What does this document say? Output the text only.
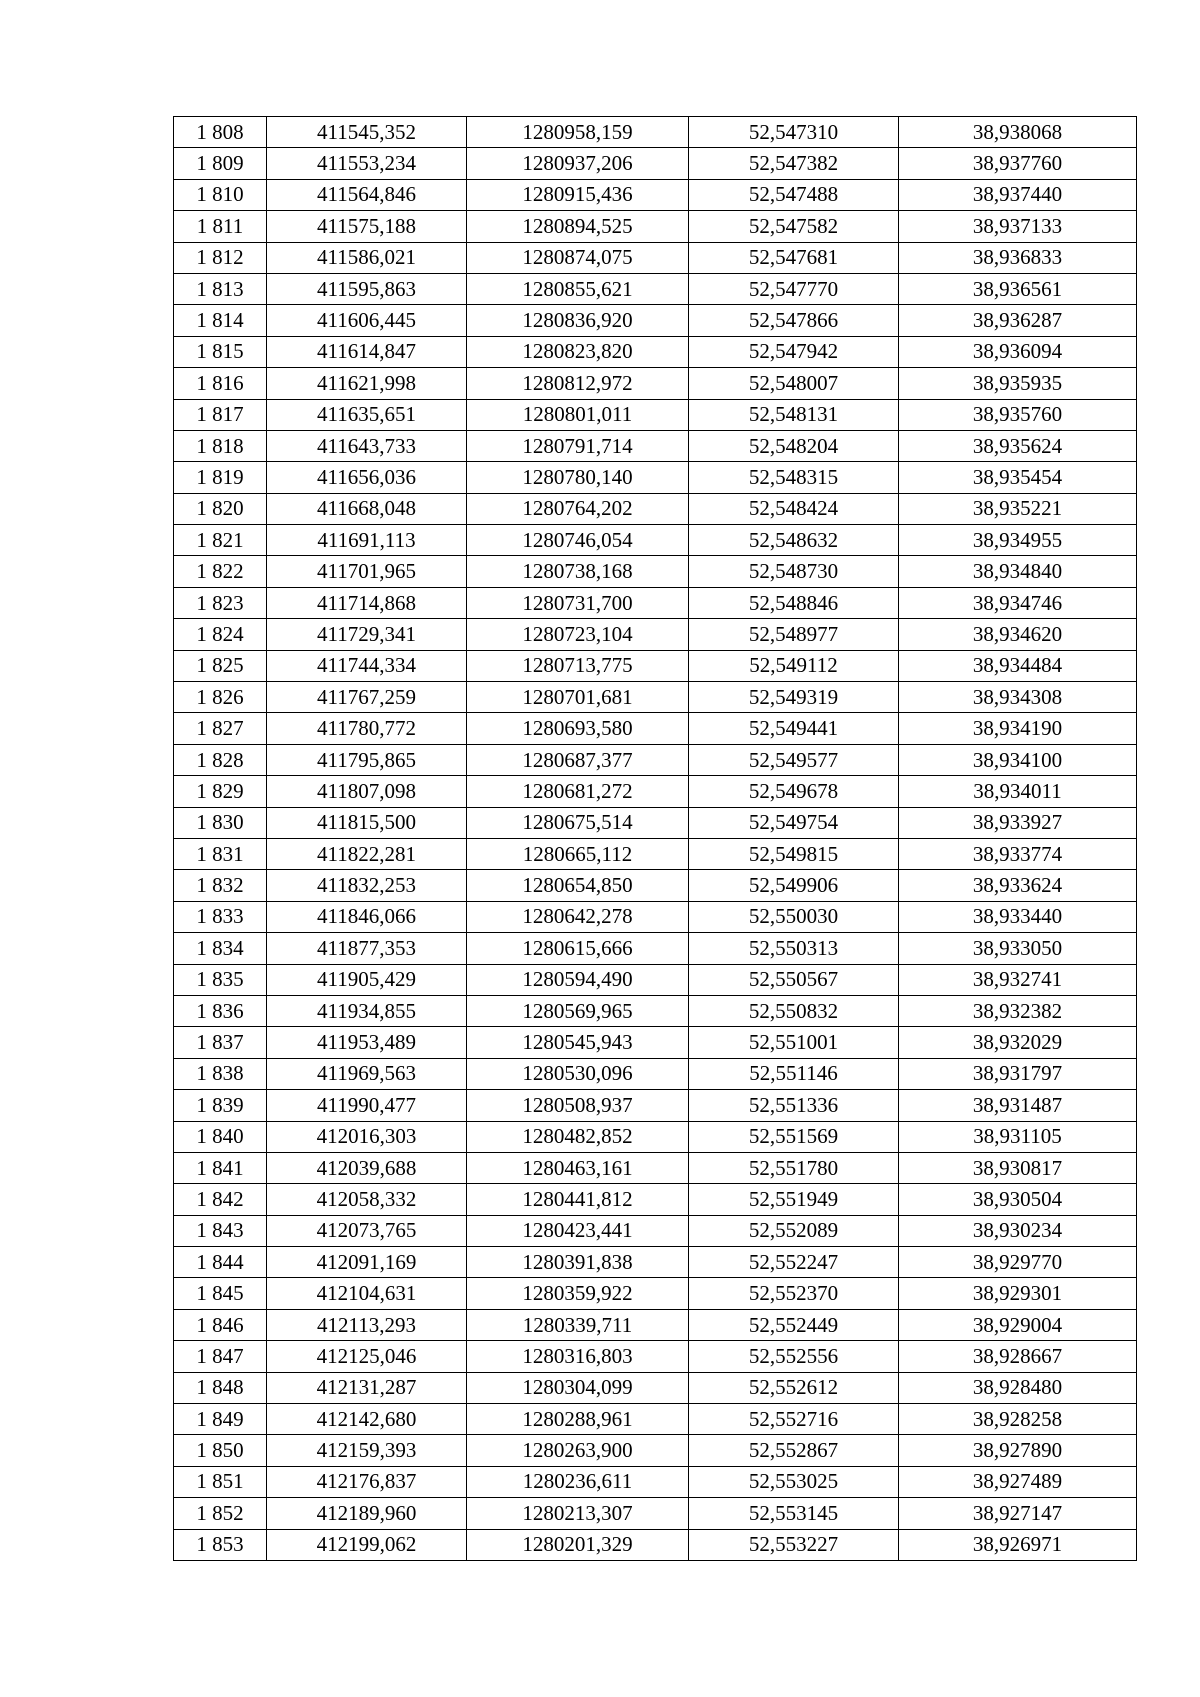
1 808	411545,352	1280958,159	52,547310	38,938068
1 809	411553,234	1280937,206	52,547382	38,937760
1 810	411564,846	1280915,436	52,547488	38,937440
1 811	411575,188	1280894,525	52,547582	38,937133
1 812	411586,021	1280874,075	52,547681	38,936833
1 813	411595,863	1280855,621	52,547770	38,936561
1 814	411606,445	1280836,920	52,547866	38,936287
1 815	411614,847	1280823,820	52,547942	38,936094
1 816	411621,998	1280812,972	52,548007	38,935935
1 817	411635,651	1280801,011	52,548131	38,935760
1 818	411643,733	1280791,714	52,548204	38,935624
1 819	411656,036	1280780,140	52,548315	38,935454
1 820	411668,048	1280764,202	52,548424	38,935221
1 821	411691,113	1280746,054	52,548632	38,934955
1 822	411701,965	1280738,168	52,548730	38,934840
1 823	411714,868	1280731,700	52,548846	38,934746
1 824	411729,341	1280723,104	52,548977	38,934620
1 825	411744,334	1280713,775	52,549112	38,934484
1 826	411767,259	1280701,681	52,549319	38,934308
1 827	411780,772	1280693,580	52,549441	38,934190
1 828	411795,865	1280687,377	52,549577	38,934100
1 829	411807,098	1280681,272	52,549678	38,934011
1 830	411815,500	1280675,514	52,549754	38,933927
1 831	411822,281	1280665,112	52,549815	38,933774
1 832	411832,253	1280654,850	52,549906	38,933624
1 833	411846,066	1280642,278	52,550030	38,933440
1 834	411877,353	1280615,666	52,550313	38,933050
1 835	411905,429	1280594,490	52,550567	38,932741
1 836	411934,855	1280569,965	52,550832	38,932382
1 837	411953,489	1280545,943	52,551001	38,932029
1 838	411969,563	1280530,096	52,551146	38,931797
1 839	411990,477	1280508,937	52,551336	38,931487
1 840	412016,303	1280482,852	52,551569	38,931105
1 841	412039,688	1280463,161	52,551780	38,930817
1 842	412058,332	1280441,812	52,551949	38,930504
1 843	412073,765	1280423,441	52,552089	38,930234
1 844	412091,169	1280391,838	52,552247	38,929770
1 845	412104,631	1280359,922	52,552370	38,929301
1 846	412113,293	1280339,711	52,552449	38,929004
1 847	412125,046	1280316,803	52,552556	38,928667
1 848	412131,287	1280304,099	52,552612	38,928480
1 849	412142,680	1280288,961	52,552716	38,928258
1 850	412159,393	1280263,900	52,552867	38,927890
1 851	412176,837	1280236,611	52,553025	38,927489
1 852	412189,960	1280213,307	52,553145	38,927147
1 853	412199,062	1280201,329	52,553227	38,926971
